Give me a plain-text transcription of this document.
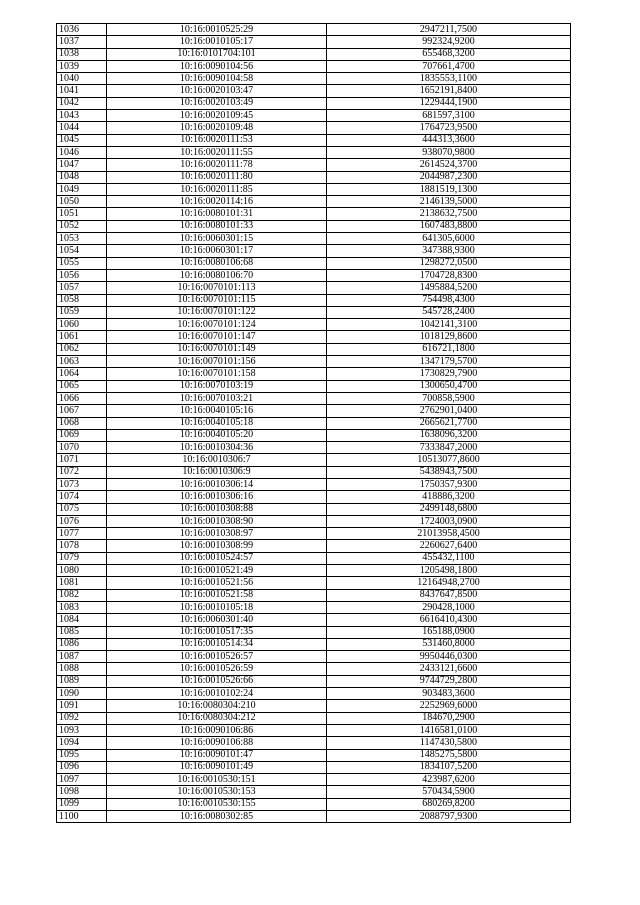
1036	10:16:0010525:29	2947211,7500
1037	10:16:0010105:17	992324,9200
1038	10:16:0101704:101	655468,3200
1039	10:16:0090104:56	707661,4700
1040	10:16:0090104:58	1835553,1100
1041	10:16:0020103:47	1652191,8400
1042	10:16:0020103:49	1229444,1900
1043	10:16:0020109:45	681597,3100
1044	10:16:0020109:48	1764723,9500
1045	10:16:0020111:53	444313,3600
1046	10:16:0020111:55	938070,9800
1047	10:16:0020111:78	2614524,3700
1048	10:16:0020111:80	2044987,2300
1049	10:16:0020111:85	1881519,1300
1050	10:16:0020114:16	2146139,5000
1051	10:16:0080101:31	2138632,7500
1052	10:16:0080101:33	1607483,8800
1053	10:16:0060301:15	641305,6000
1054	10:16:0060301:17	347388,9300
1055	10:16:0080106:68	1298272,0500
1056	10:16:0080106:70	1704728,8300
1057	10:16:0070101:113	1495884,5200
1058	10:16:0070101:115	754498,4300
1059	10:16:0070101:122	545728,2400
1060	10:16:0070101:124	1042141,3100
1061	10:16:0070101:147	1018129,8600
1062	10:16:0070101:149	616721,1800
1063	10:16:0070101:156	1347179,5700
1064	10:16:0070101:158	1730829,7900
1065	10:16:0070103:19	1300650,4700
1066	10:16:0070103:21	700858,5900
1067	10:16:0040105:16	2762901,0400
1068	10:16:0040105:18	2665621,7700
1069	10:16:0040105:20	1638096,3200
1070	10:16:0010304:36	7333847,2000
1071	10:16:0010306:7	10513077,8600
1072	10:16:0010306:9	5438943,7500
1073	10:16:0010306:14	1750357,9300
1074	10:16:0010306:16	418886,3200
1075	10:16:0010308:88	2499148,6800
1076	10:16:0010308:90	1724003,0900
1077	10:16:0010308:97	21013958,4500
1078	10:16:0010308:99	2260627,6400
1079	10:16:0010524:57	455432,1100
1080	10:16:0010521:49	1205498,1800
1081	10:16:0010521:56	12164948,2700
1082	10:16:0010521:58	8437647,8500
1083	10:16:0010105:18	290428,1000
1084	10:16:0060301:40	6616410,4300
1085	10:16:0010517:35	165188,0900
1086	10:16:0010514:34	531460,8000
1087	10:16:0010526:57	9950446,0300
1088	10:16:0010526:59	2433121,6600
1089	10:16:0010526:66	9744729,2800
1090	10:16:0010102:24	903483,3600
1091	10:16:0080304:210	2252969,6000
1092	10:16:0080304:212	184670,2900
1093	10:16:0090106:86	1416581,0100
1094	10:16:0090106:88	1147430,5800
1095	10:16:0090101:47	1485275,5800
1096	10:16:0090101:49	1834107,5200
1097	10:16:0010530:151	423987,6200
1098	10:16:0010530:153	570434,5900
1099	10:16:0010530:155	680269,8200
1100	10:16:0080302:85	2088797,9300
